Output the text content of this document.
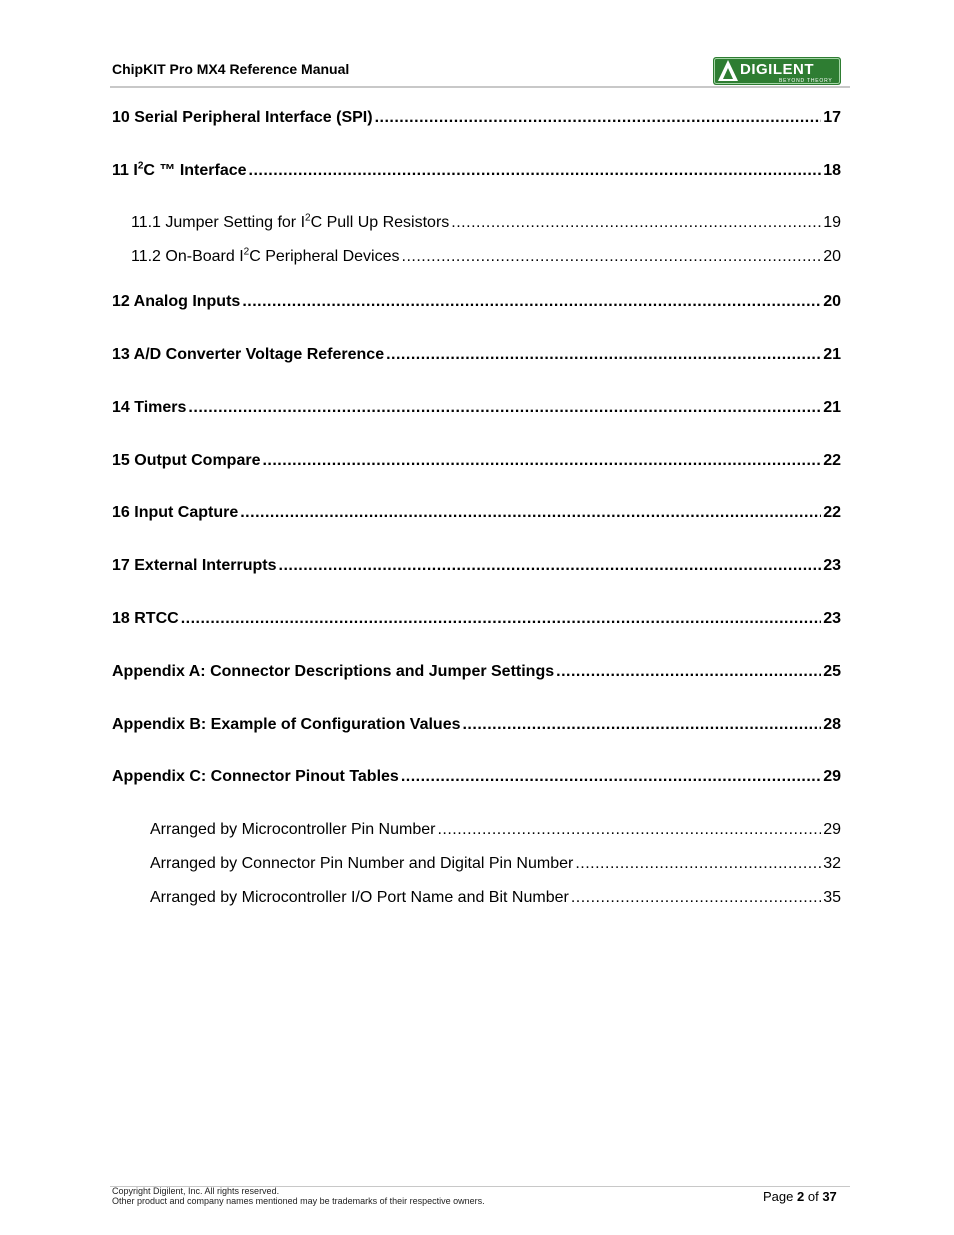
ChipKIT Pro MX4 Reference Manual	DIGILENT
BEYOND THEORY
10 Serial Peripheral Interface (SPI) .....	17
11 $I^2C$ ™ Interface .....	18
11.1 Jumper Setting for $I^2C$ Pull Up Resistors .....	19
11.2 On-Board $I^2C$ Peripheral Devices .....	20
12 Analog Inputs .....	20
13 A/D Converter Voltage Reference .....	21
14 Timers .....	21
15 Output Compare .....	22
16 Input Capture .....	22
17 External Interrupts .....	23
18 RTCC .....	23
Appendix A: Connector Descriptions and Jumper Settings .....	25
Appendix B: Example of Configuration Values .....	28
Appendix C: Connector Pinout Tables .....	29
Arranged by Microcontroller Pin Number .....	29
Arranged by Connector Pin Number and Digital Pin Number .....	32
Arranged by Microcontroller I/O Port Name and Bit Number .....	35
Copyright Digilent, Inc. All rights reserved.
Other product and company names mentioned may be trademarks of their respective owners.	Page 2 of 37
